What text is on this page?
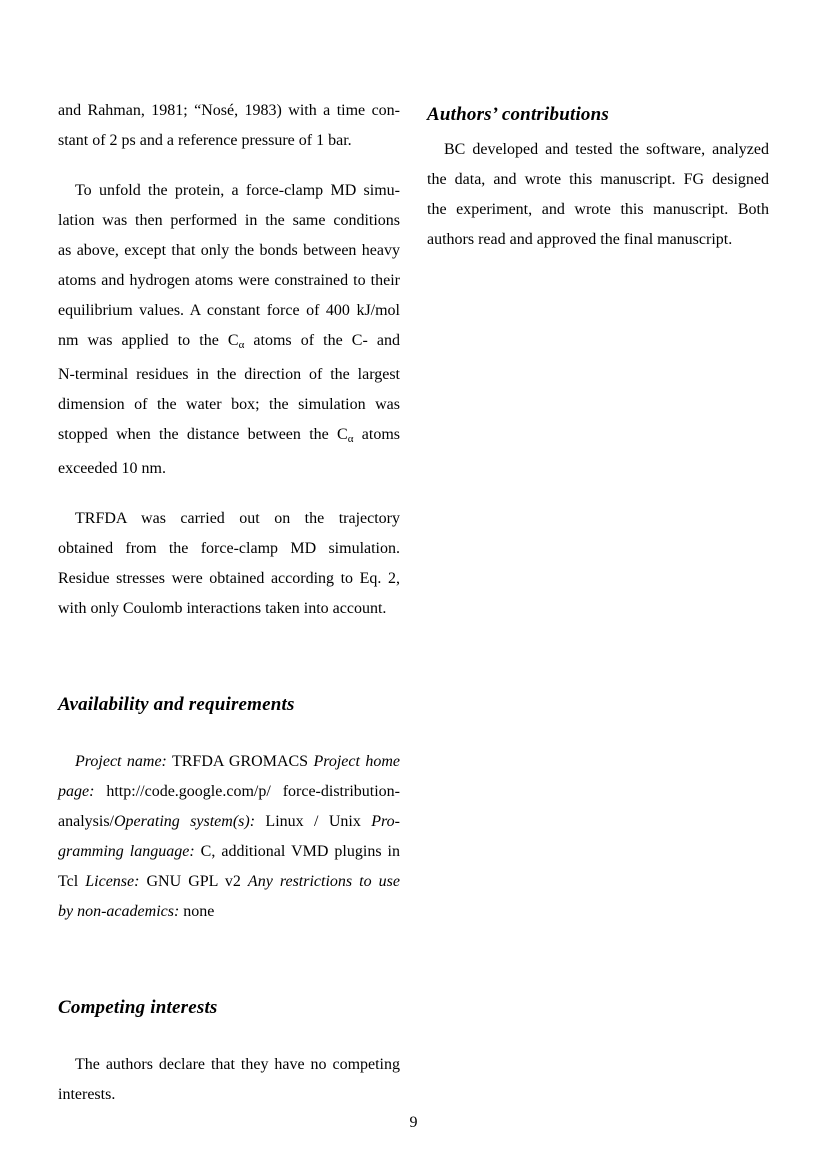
and Rahman, 1981; “Nosé, 1983) with a time con-
stant of 2 ps and a reference pressure of 1 bar.
To unfold the protein, a force-clamp MD simu-
lation was then performed in the same conditions
as above, except that only the bonds between heavy
atoms and hydrogen atoms were constrained to their
equilibrium values. A constant force of 400 kJ/mol
nm was applied to the $C_\alpha$ atoms of the C- and
N-terminal residues in the direction of the largest
dimension of the water box; the simulation was
stopped when the distance between the $C_\alpha$ atoms
exceeded 10 nm.
TRFDA was carried out on the trajectory
obtained from the force-clamp MD simulation.
Residue stresses were obtained according to Eq. 2,
with only Coulomb interactions taken into account.
Availability and requirements
Project name: TRFDA GROMACS Project home
page: http://code.google.com/p/ force-distribution-
analysis/Operating system(s): Linux / Unix Pro-
gramming language: C, additional VMD plugins in
Tcl License: GNU GPL v2 Any restrictions to use
by non-academics: none
Competing interests
The authors declare that they have no competing
interests.
Authors’ contributions
BC developed and tested the software, analyzed
the data, and wrote this manuscript. FG designed
the experiment, and wrote this manuscript. Both
authors read and approved the final manuscript.
9
